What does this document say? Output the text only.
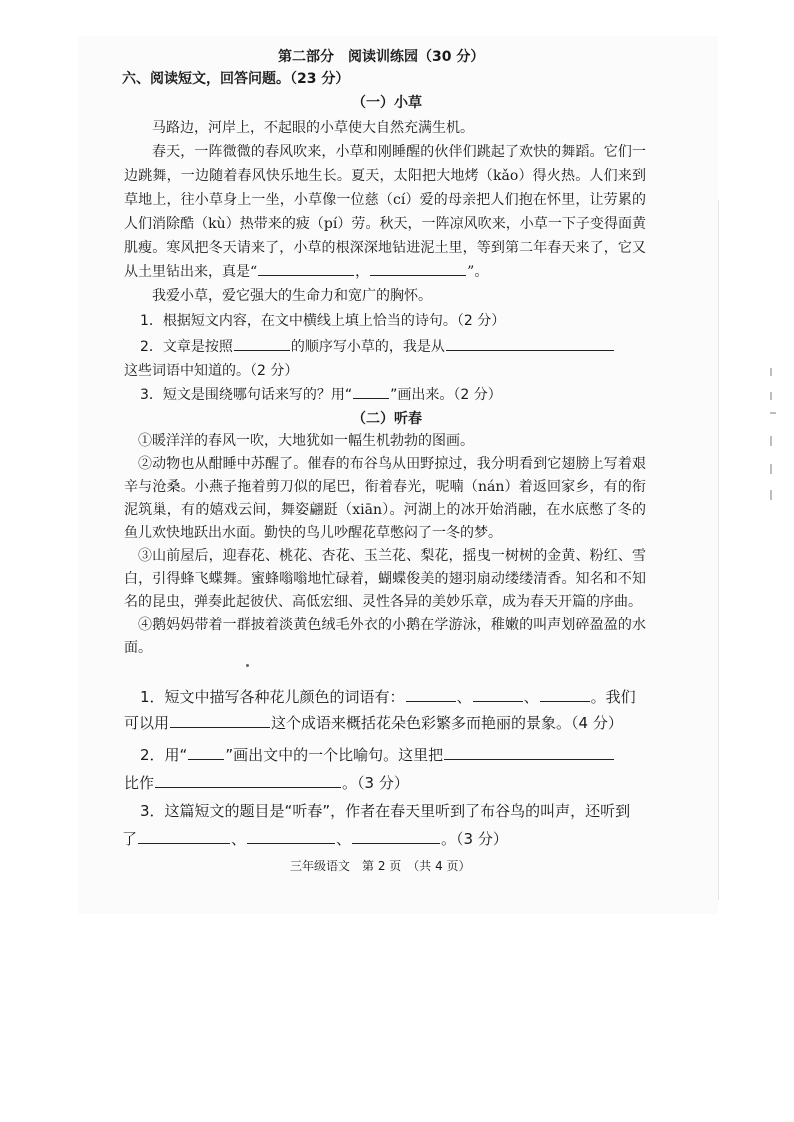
第二部分　阅读训练园（30 分）
六、阅读短文，回答问题。（23 分）
（一）小草

马路边，河岸上，不起眼的小草使大自然充满生机。

春天，一阵微微的春风吹来，小草和刚睡醒的伙伴们跳起了欢快的舞蹈。它们一边跳舞，一边随着春风快乐地生长。夏天，太阳把大地烤（kǎo）得火热。人们来到草地上，往小草身上一坐，小草像一位慈（cí）爱的母亲把人们抱在怀里，让劳累的人们消除酷（kù）热带来的疲（pí）劳。秋天，一阵凉风吹来，小草一下子变得面黄肌瘦。寒风把冬天请来了，小草的根深深地钻进泥土里，等到第二年春天来了，它又从土里钻出来，真是“	，	”。

我爱小草，爱它强大的生命力和宽广的胸怀。

1．根据短文内容，在文中横线上填上恰当的诗句。（2 分）
2．文章是按照	的顺序写小草的，我是从
这些词语中知道的。（2 分）
3．短文是围绕哪句话来写的？用“	”画出来。（2 分）
（二）听春

①暖洋洋的春风一吹，大地犹如一幅生机勃勃的图画。

②动物也从酣睡中苏醒了。催春的布谷鸟从田野掠过，我分明看到它翅膀上写着艰辛与沧桑。小燕子拖着剪刀似的尾巴，衔着春光，呢喃（nán）着返回家乡，有的衔泥筑巢，有的嬉戏云间，舞姿翩跹（xiān）。河湖上的冰开始消融，在水底憋了冬的鱼儿欢快地跃出水面。勤快的鸟儿吵醒花草憋闷了一冬的梦。

③山前屋后，迎春花、桃花、杏花、玉兰花、梨花，摇曳一树树的金黄、粉红、雪白，引得蜂飞蝶舞。蜜蜂嗡嗡地忙碌着，蝴蝶俊美的翅羽扇动缕缕清香。知名和不知名的昆虫，弹奏此起彼伏、高低宏细、灵性各异的美妙乐章，成为春天开篇的序曲。

④鹅妈妈带着一群披着淡黄色绒毛外衣的小鹅在学游泳，稚嫩的叫声划碎盈盈的水面。

1．短文中描写各种花儿颜色的词语有：	、	、	。我们
可以用	这个成语来概括花朵色彩繁多而艳丽的景象。（4 分）
2．用“	”画出文中的一个比喻句。这里把
比作	。（3 分）
3．这篇短文的题目是“听春”，作者在春天里听到了布谷鸟的叫声，还听到
了	、	、	。（3 分）
三年级语文　第 2 页　（共 4 页）
